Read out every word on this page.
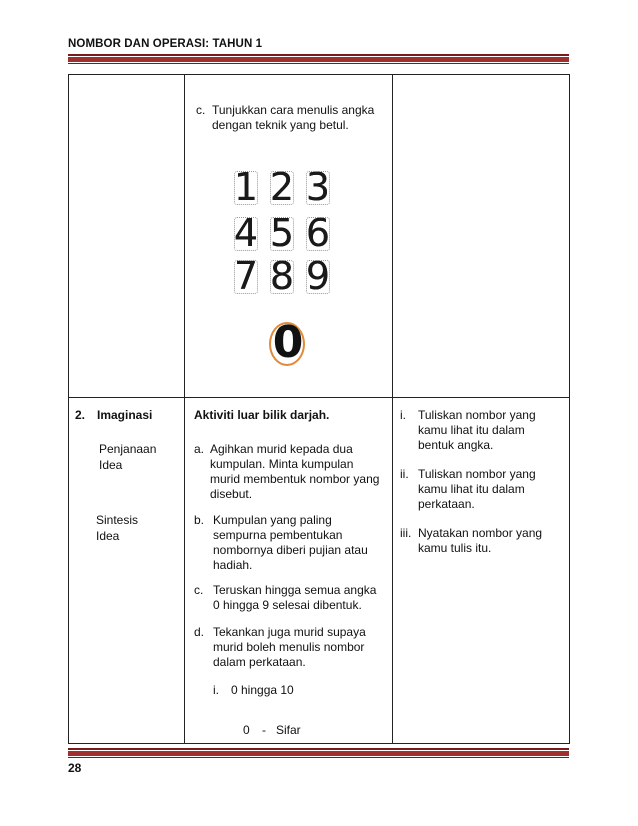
NOMBOR DAN OPERASI: TAHUN 1
c. Tunjukkan cara menulis angka
dengan teknik yang betul.
1 2 3
4 5 6
7 8 9
0
2. Imaginasi
Penjanaan
Idea
Sintesis
Idea
Aktiviti luar bilik darjah.
a. Agihkan murid kepada dua
kumpulan. Minta kumpulan
murid membentuk nombor yang
disebut.
b. Kumpulan yang paling
sempurna pembentukan
nombornya diberi pujian atau
hadiah.
c. Teruskan hingga semua angka
0 hingga 9 selesai dibentuk.
d. Tekankan juga murid supaya
murid boleh menulis nombor
dalam perkataan.
i. 0 hingga 10
0 - Sifar
i. Tuliskan nombor yang
kamu lihat itu dalam
bentuk angka.
ii. Tuliskan nombor yang
kamu lihat itu dalam
perkataan.
iii. Nyatakan nombor yang
kamu tulis itu.
28
